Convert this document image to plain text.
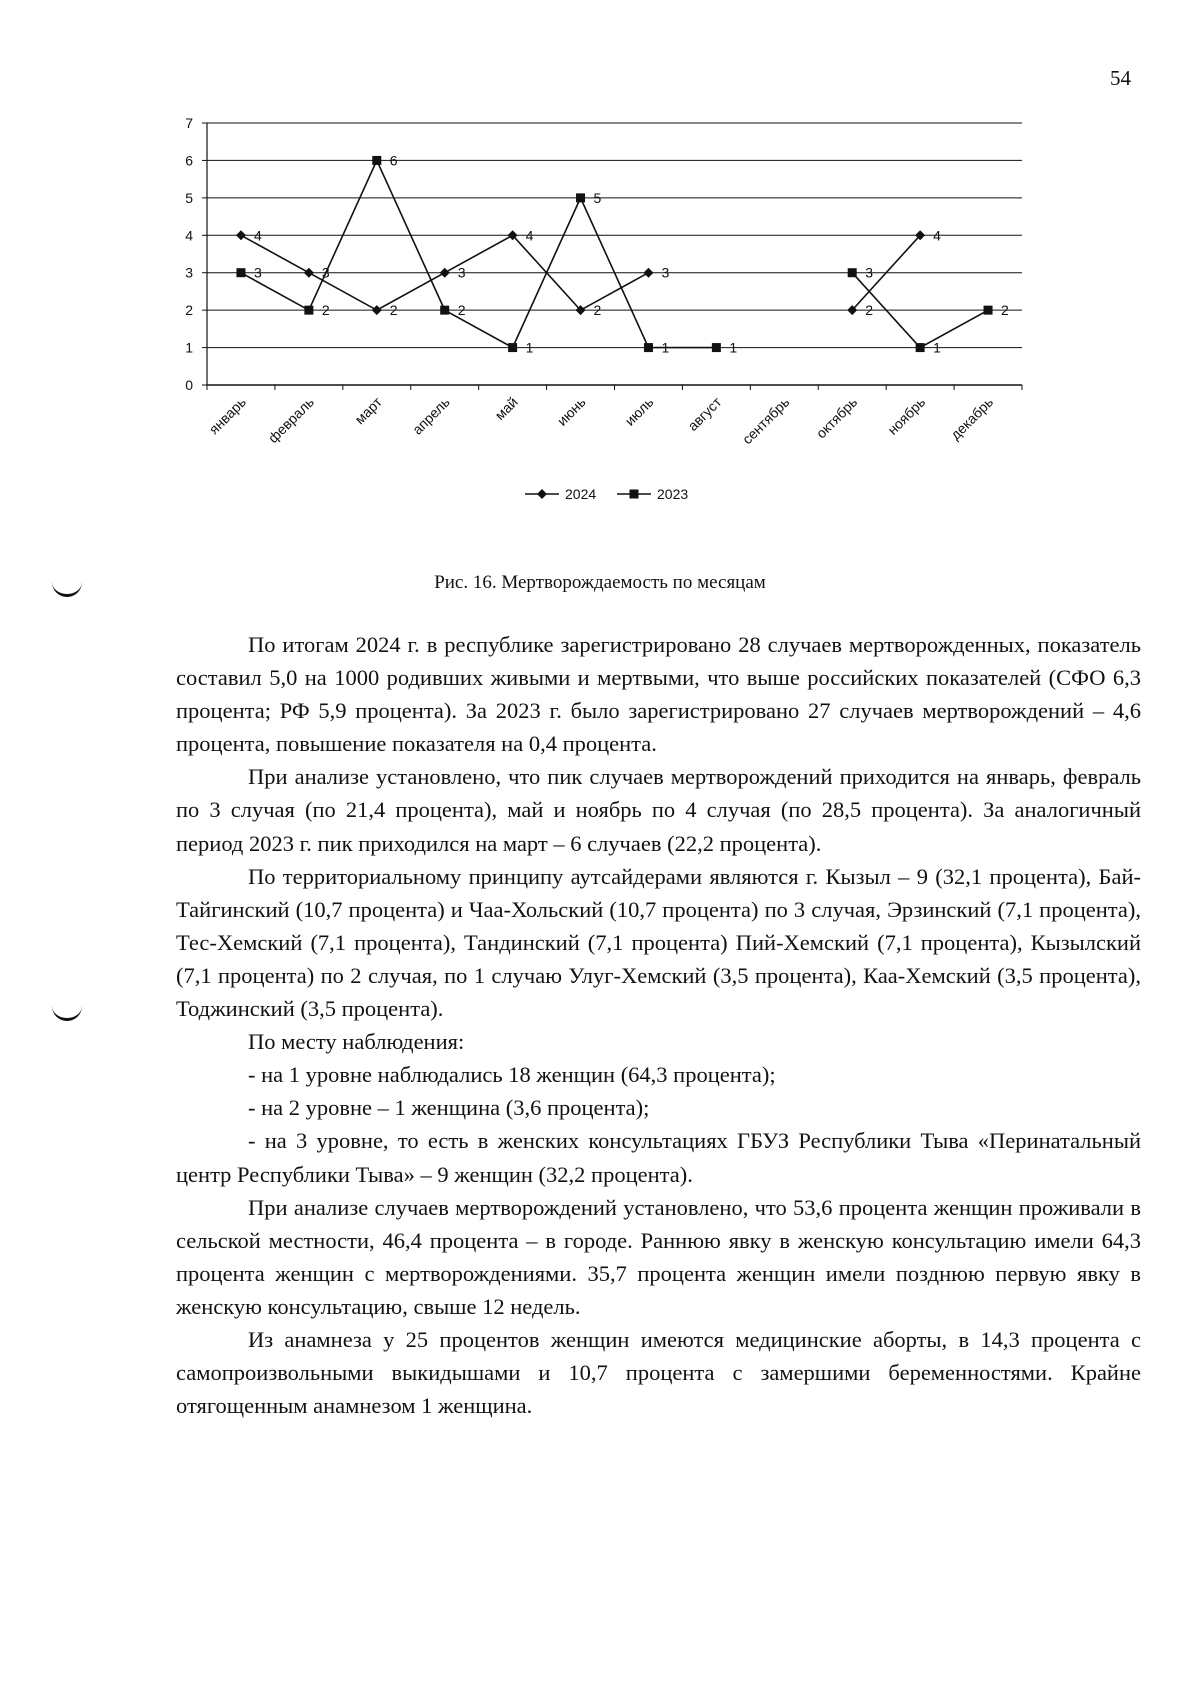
54
0
1
2
3
4
5
6
7
январь февраль март апрель	май июнь июль август сентябрь октябрь ноябрь декабрь
4
3
2
3
4
2
3
2
4
3
2
6
2
1
5
1	1
3
1
2
2024	2023
Рис. 16. Мертворождаемость по месяцам

По итогам 2024 г. в республике зарегистрировано 28 случаев мертворожденных, показатель составил 5,0 на 1000 родивших живыми и мертвыми, что выше российских показателей (СФО 6,3 процента; РФ 5,9 процента). За 2023 г. было зарегистрировано 27 случаев мертворождений – 4,6 процента, повышение показателя на 0,4 процента.

При анализе установлено, что пик случаев мертворождений приходится на январь, февраль по 3 случая (по 21,4 процента), май и ноябрь по 4 случая (по 28,5 процента). За аналогичный период 2023 г. пик приходился на март – 6 случаев (22,2 процента).

По территориальному принципу аутсайдерами являются г. Кызыл – 9 (32,1 процента), Бай-Тайгинский (10,7 процента) и Чаа-Хольский (10,7 процента) по 3 случая, Эрзинский (7,1 процента), Тес-Хемский (7,1 процента), Тандинский (7,1 процента) Пий-Хемский (7,1 процента), Кызылский (7,1 процента) по 2 случая, по 1 случаю Улуг-Хемский (3,5 процента), Каа-Хемский (3,5 процента), Тоджинский (3,5 процента).

По месту наблюдения:

- на 1 уровне наблюдались 18 женщин (64,3 процента);

- на 2 уровне – 1 женщина (3,6 процента);

- на 3 уровне, то есть в женских консультациях ГБУЗ Республики Тыва «Перинатальный центр Республики Тыва» – 9 женщин (32,2 процента).

При анализе случаев мертворождений установлено, что 53,6 процента женщин проживали в сельской местности, 46,4 процента – в городе. Раннюю явку в женскую консультацию имели 64,3 процента женщин с мертворождениями. 35,7 процента женщин имели позднюю первую явку в женскую консультацию, свыше 12 недель.

Из анамнеза у 25 процентов женщин имеются медицинские аборты, в 14,3 процента с самопроизвольными выкидышами и 10,7 процента с замершими беременностями. Крайне отягощенным анамнезом 1 женщина.
